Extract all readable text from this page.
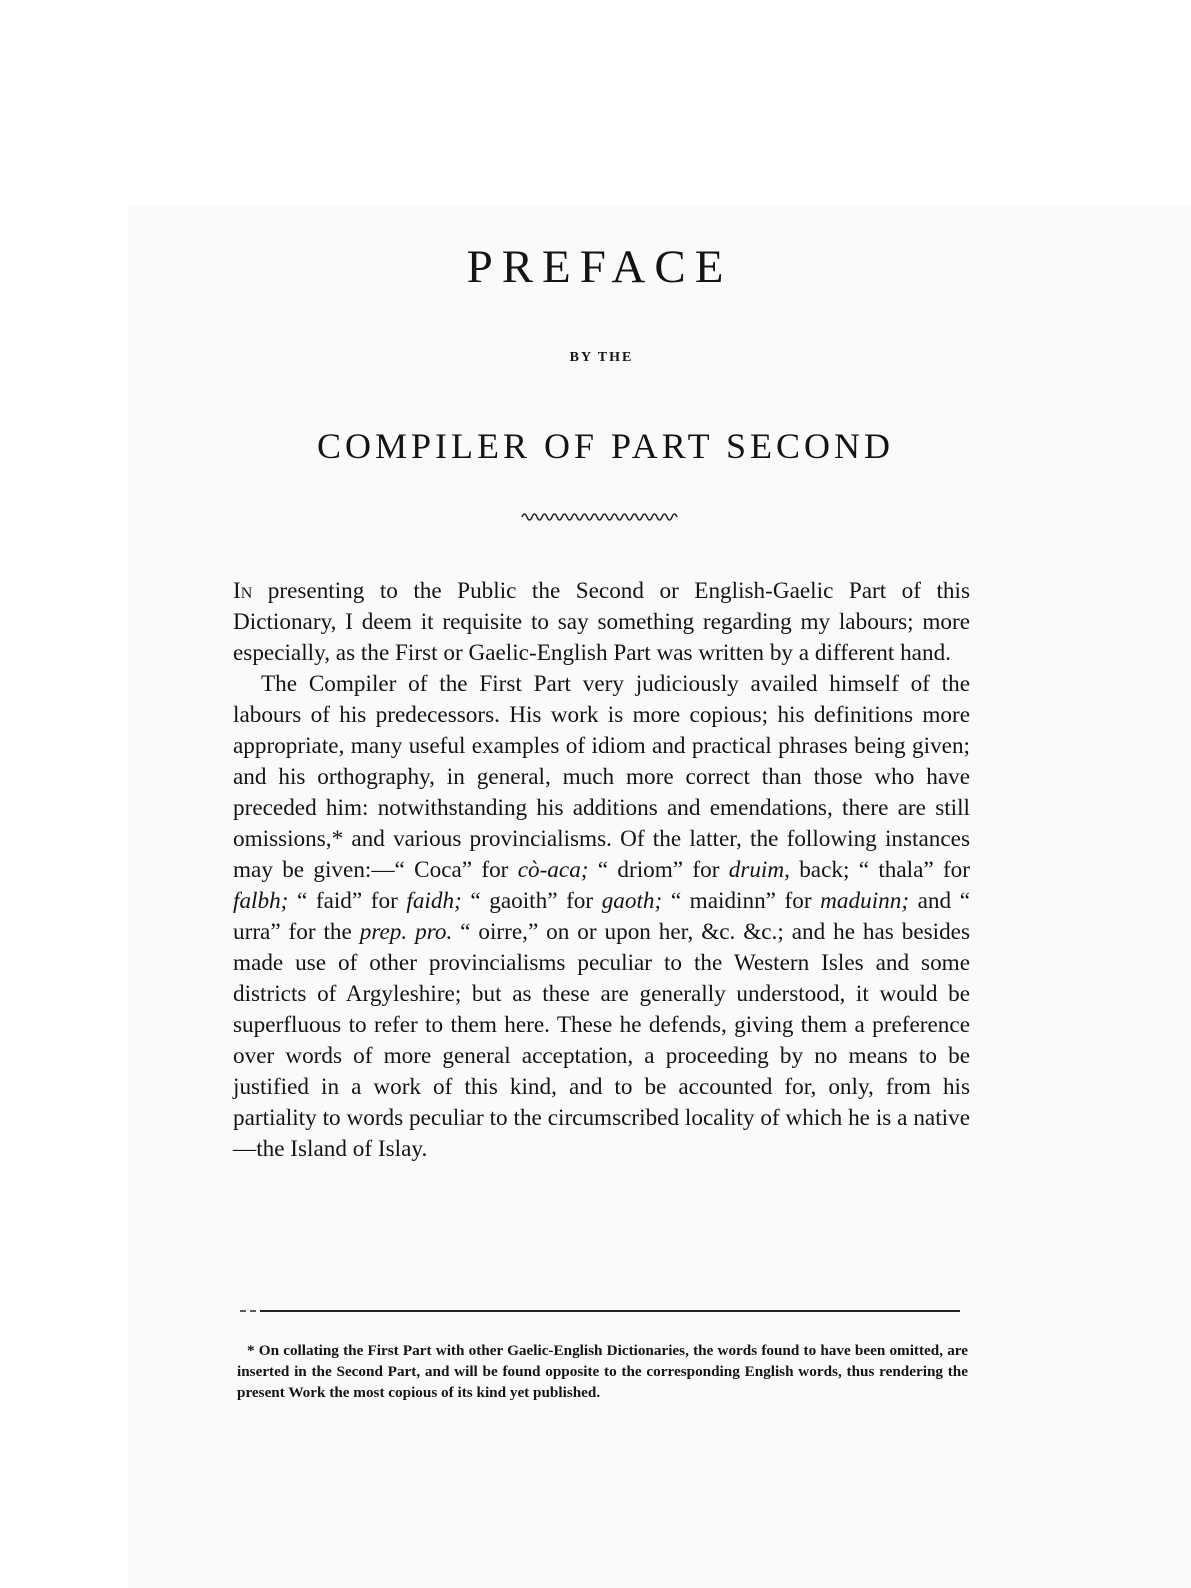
PREFACE
BY THE
COMPILER OF PART SECOND

In presenting to the Public the Second or English-Gaelic Part of this Dictionary, I deem it requisite to say something regarding my labours; more especially, as the First or Gaelic-English Part was written by a different hand.

The Compiler of the First Part very judiciously availed himself of the labours of his predecessors. His work is more copious; his definitions more appropriate, many useful examples of idiom and practical phrases being given; and his orthography, in general, much more correct than those who have preceded him: notwithstanding his additions and emendations, there are still omissions,* and various provincialisms. Of the latter, the following instances may be given:—“ Coca” for cò-aca; “ driom” for druim, back; “ thala” for falbh; “ faid” for faidh; “ gaoith” for gaoth; “ maidinn” for maduinn; and “ urra” for the prep. pro. “ oirre,” on or upon her, &c. &c.; and he has besides made use of other provincialisms peculiar to the Western Isles and some districts of Argyleshire; but as these are generally understood, it would be superfluous to refer to them here. These he defends, giving them a preference over words of more general acceptation, a proceeding by no means to be justified in a work of this kind, and to be accounted for, only, from his partiality to words peculiar to the circumscribed locality of which he is a native—the Island of Islay.

* On collating the First Part with other Gaelic-English Dictionaries, the words found to have been omitted, are inserted in the Second Part, and will be found opposite to the corresponding English words, thus rendering the present Work the most copious of its kind yet published.
